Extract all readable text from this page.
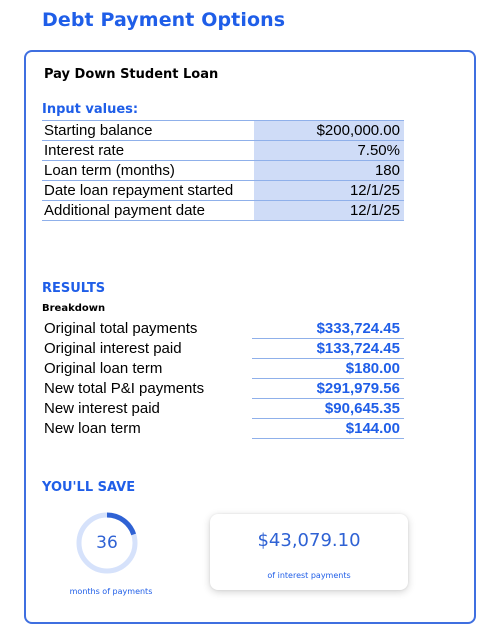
Debt Payment Options
Pay Down Student Loan
Input values:
Starting balance	$200,000.00
Interest rate	7.50%
Loan term (months)	180
Date loan repayment started	12/1/25
Additional payment date	12/1/25
RESULTS
Breakdown
Original total payments	$333,724.45
Original interest paid	$133,724.45
Original loan term	$180.00
New total P&I payments	$291,979.56
New interest paid	$90,645.35
New loan term	$144.00
YOU'LL SAVE
36
months of payments
$43,079.10
of interest payments
